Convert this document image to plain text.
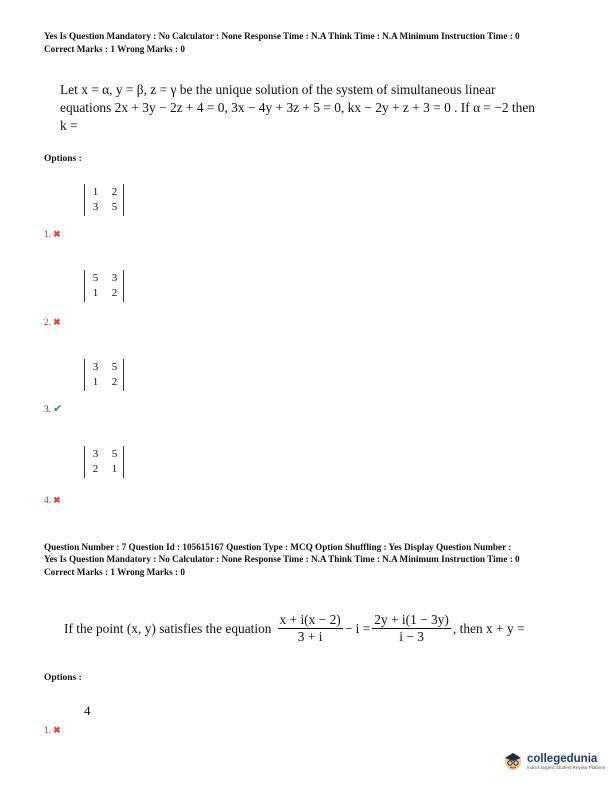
Yes Is Question Mandatory : No Calculator : None Response Time : N.A Think Time : N.A Minimum Instruction Time : 0
Correct Marks : 1 Wrong Marks : 0
Let x = α, y = β, z = γ be the unique solution of the system of simultaneous linear
equations 2x + 3y − 2z + 4 = 0, 3x − 4y + 3z + 5 = 0, kx − 2y + z + 3 = 0 . If α = −2 then
k =
Options :
1	2
3	5
1. ✖
5	3
1	2
2. ✖
3	5
1	2
3. ✔
3	5
2	1
4. ✖
Question Number : 7 Question Id : 105615167 Question Type : MCQ Option Shuffling : Yes Display Question Number :
Yes Is Question Mandatory : No Calculator : None Response Time : N.A Think Time : N.A Minimum Instruction Time : 0
Correct Marks : 1 Wrong Marks : 0
If the point (x, y) satisfies the equation $\frac{x + i(x - 2)}{3 + i} - i = \frac{2y + i(1 - 3y)}{i - 3}$ , then x + y =
Options :
4
1. ✖
collegedunia
India's largest Student Review Platform
